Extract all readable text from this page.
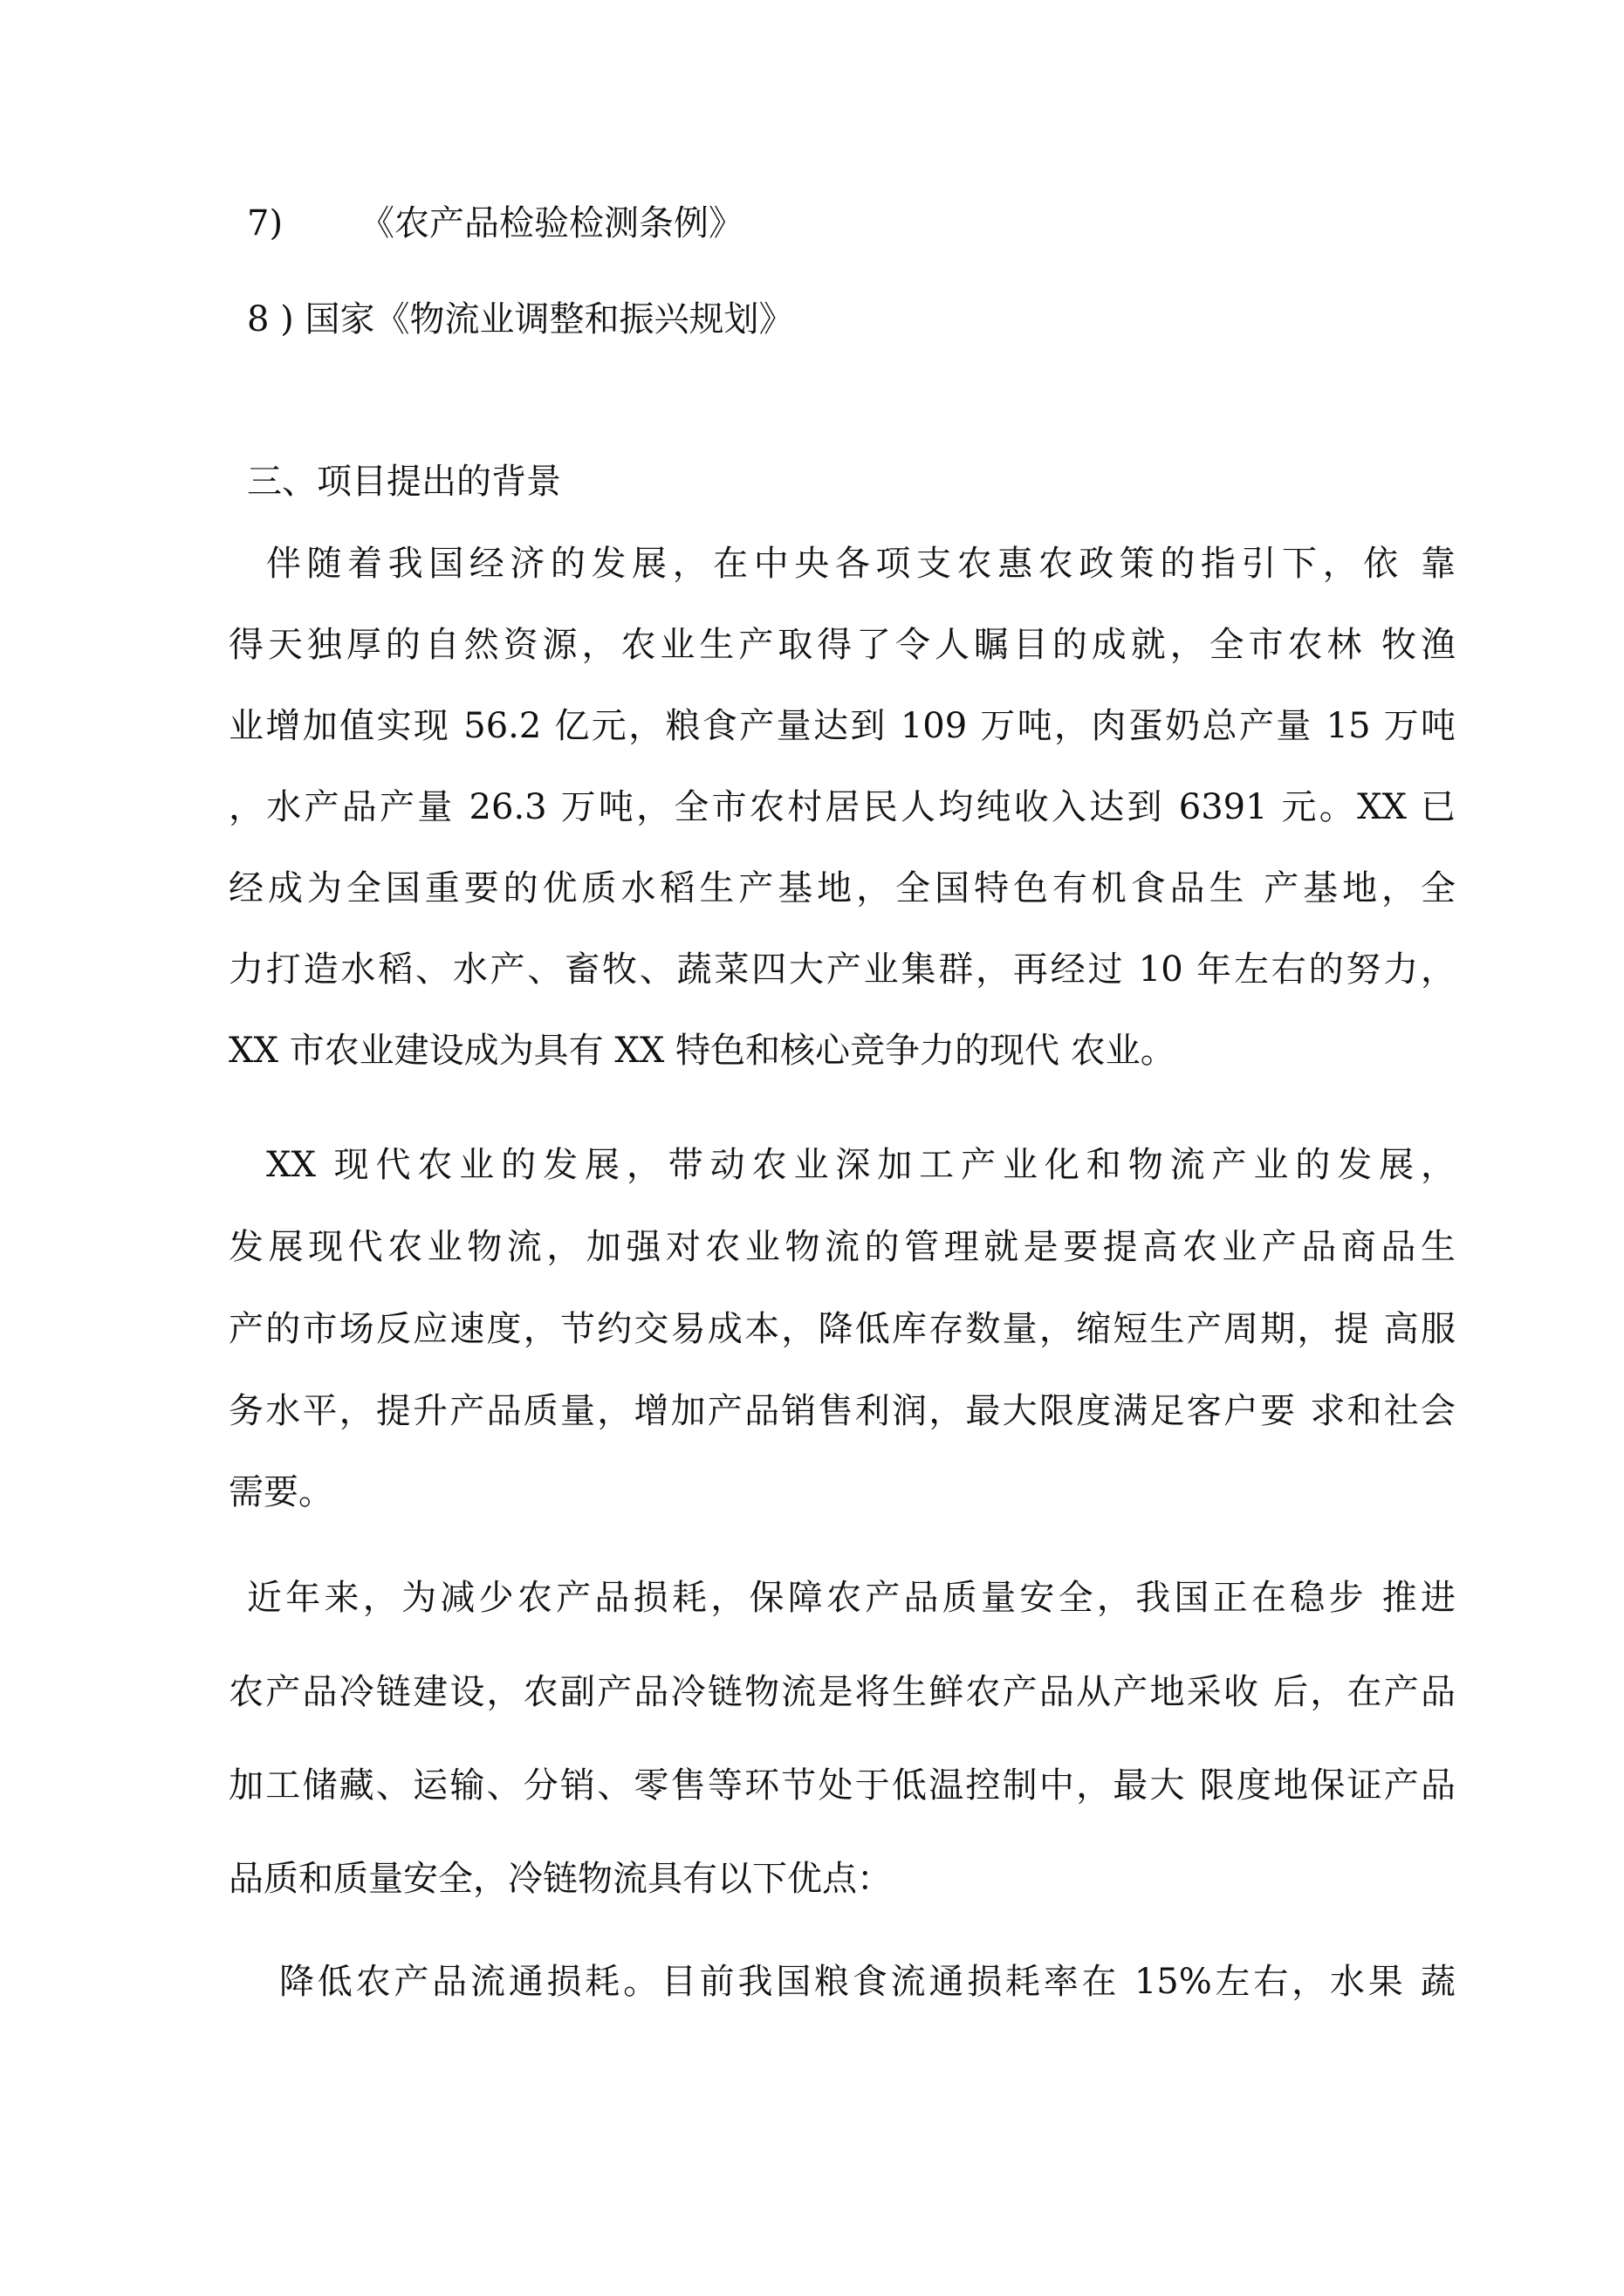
7) 《农产品检验检测条例》
8 ) 国家《物流业调整和振兴规划》
三、项目提出的背景
伴随着我国经济的发展，在中央各项支农惠农政策的指引下，依 靠
得天独厚的自然资源，农业生产取得了令人瞩目的成就，全市农林 牧渔
业增加值实现 56.2 亿元，粮食产量达到 109 万吨，肉蛋奶总产量 15 万吨
，水产品产量 26.3 万吨，全市农村居民人均纯收入达到 6391 元。XX 已
经成为全国重要的优质水稻生产基地，全国特色有机食品生 产基地，全
力打造水稻、水产、畜牧、蔬菜四大产业集群，再经过 10 年左右的努力，
XX 市农业建设成为具有 XX 特色和核心竞争力的现代 农业。
XX 现代农业的发展，带动农业深加工产业化和物流产业的发展，
发展现代农业物流，加强对农业物流的管理就是要提高农业产品商品生
产的市场反应速度，节约交易成本，降低库存数量，缩短生产周期，提 高服
务水平，提升产品质量，增加产品销售利润，最大限度满足客户要 求和社会
需要。
近年来，为减少农产品损耗，保障农产品质量安全，我国正在稳步 推进
农产品冷链建设，农副产品冷链物流是将生鲜农产品从产地采收 后，在产品
加工储藏、运输、分销、零售等环节处于低温控制中，最大 限度地保证产品
品质和质量安全，冷链物流具有以下优点：
降低农产品流通损耗。目前我国粮食流通损耗率在 15%左右，水果 蔬
